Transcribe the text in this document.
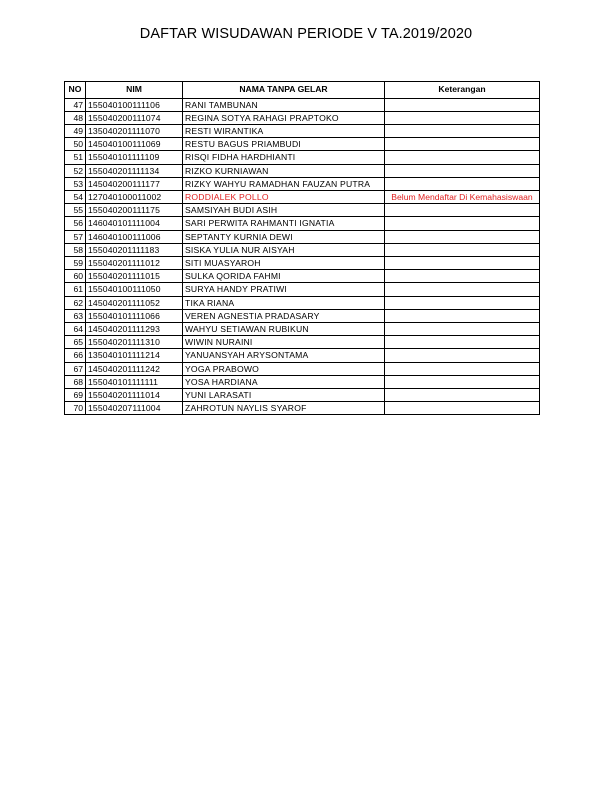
DAFTAR WISUDAWAN PERIODE V TA.2019/2020
NO	NIM	NAMA TANPA GELAR	Keterangan
47	155040100111106	RANI TAMBUNAN	
48	155040200111074	REGINA SOTYA RAHAGI PRAPTOKO	
49	135040201111070	RESTI WIRANTIKA	
50	145040100111069	RESTU BAGUS PRIAMBUDI	
51	155040101111109	RISQI FIDHA HARDHIANTI	
52	155040201111134	RIZKO KURNIAWAN	
53	145040200111177	RIZKY WAHYU RAMADHAN FAUZAN PUTRA	
54	127040100011002	RODDIALEK POLLO	Belum Mendaftar Di Kemahasiswaan
55	155040200111175	SAMSIYAH BUDI ASIH	
56	146040101111004	SARI PERWITA RAHMANTI IGNATIA	
57	146040100111006	SEPTANTY KURNIA DEWI	
58	155040201111183	SISKA YULIA NUR AISYAH	
59	155040201111012	SITI MUASYAROH	
60	155040201111015	SULKA QORIDA FAHMI	
61	155040100111050	SURYA HANDY PRATIWI	
62	145040201111052	TIKA RIANA	
63	155040101111066	VEREN AGNESTIA PRADASARY	
64	145040201111293	WAHYU SETIAWAN RUBIKUN	
65	155040201111310	WIWIN NURAINI	
66	135040101111214	YANUANSYAH ARYSONTAMA	
67	145040201111242	YOGA PRABOWO	
68	155040101111111	YOSA HARDIANA	
69	155040201111014	YUNI LARASATI	
70	155040207111004	ZAHROTUN NAYLIS SYAROF	
